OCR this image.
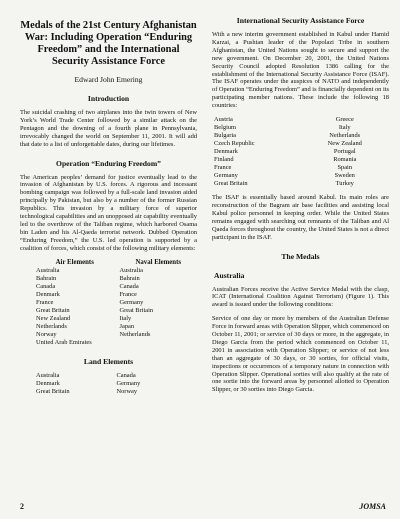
Medals of the 21st Century Afghanistan War: Including Operation “Enduring Freedom” and the International Security Assistance Force
Edward John Emering
Introduction

The suicidal crashing of two airplanes into the twin towers of New York’s World Trade Center followed by a similar attack on the Pentagon and the downing of a fourth plane in Pennsylvania, irrevocably changed the world on September 11, 2001. It will add that date to a list of unforgettable dates, during our lifetimes.

Operation “Enduring Freedom”

The American peoples’ demand for justice eventually lead to the invasion of Afghanistan by U.S. forces. A rigorous and incessant bombing campaign was followed by a full-scale land invasion aided principally by Pakistan, but also by a number of the former Russian Republics. This invasion by a military force of superior technological capabilities and an unopposed air capability eventually led to the overthrow of the Taliban regime, which harbored Osama bin Laden and his Al-Qaeda terrorist network. Dubbed Operation “Enduring Freedom,” the U.S. led operation is supported by a coalition of forces, which consist of the following military elements:

Air Elements	Naval Elements
Australia
Bahrain
Canada
Denmark
France
Great Britain
New Zealand
Netherlands
Norway
United Arab Emirates
Australia
Bahrain
Canada
France
Germany
Great Britain
Italy
Japan
Netherlands
Land Elements
Australia
Denmark
Great Britain
Canada
Germany
Norway
International Security Assistance Force

With a new interim government established in Kabul under Hamid Karzai, a Pushtan leader of the Popolazi Tribe in southern Afghanistan, the United Nations sought to secure and support the new government. On December 20, 2001, the United Nations Security Council adopted Resolution 1386 calling for the establishment of the International Security Assistance Force (ISAF). The ISAF operates under the auspices of NATO and independently of Operation “Enduring Freedom” and is financially dependent on its participating member nations. These include the following 18 countries:

Austria
Belgium
Bulgaria
Czech Republic
Denmark
Finland
France
Germany
Great Britain
Greece
Italy
Netherlands
New Zealand
Portugal
Romania
Spain
Sweden
Turkey

The ISAF is essentially based around Kabul. Its main roles are reconstruction of the Bagram air base facilities and assisting local Kabul police personnel in keeping order. While the United States remains engaged with searching out remnants of the Taliban and Al Qaeda forces throughout the country, the United States is not a direct participant in the ISAF.

The Medals
Australia

Australian Forces receive the Active Service Medal with the clasp, ICAT (International Coalition Against Terrorism) (Figure 1). This award is issued under the following conditions:

Service of one day or more by members of the Australian Defense Force in forward areas with Operation Slipper, which commenced on October 11, 2001; or service of 30 days or more, in the aggregate, in Diego Garcia from the period which commenced on October 11, 2001 in association with Operation Slipper; or service of not less than an aggregate of 30 days, or 30 sorties, for official visits, inspections or occurrences of a temporary nature in connection with Operation Slipper. Operational sorties will also qualify at the rate of one sortie into the forward areas by personnel allotted to Operation Slipper, or 30 sorties into Diego Garcia.

2	JOMSA
